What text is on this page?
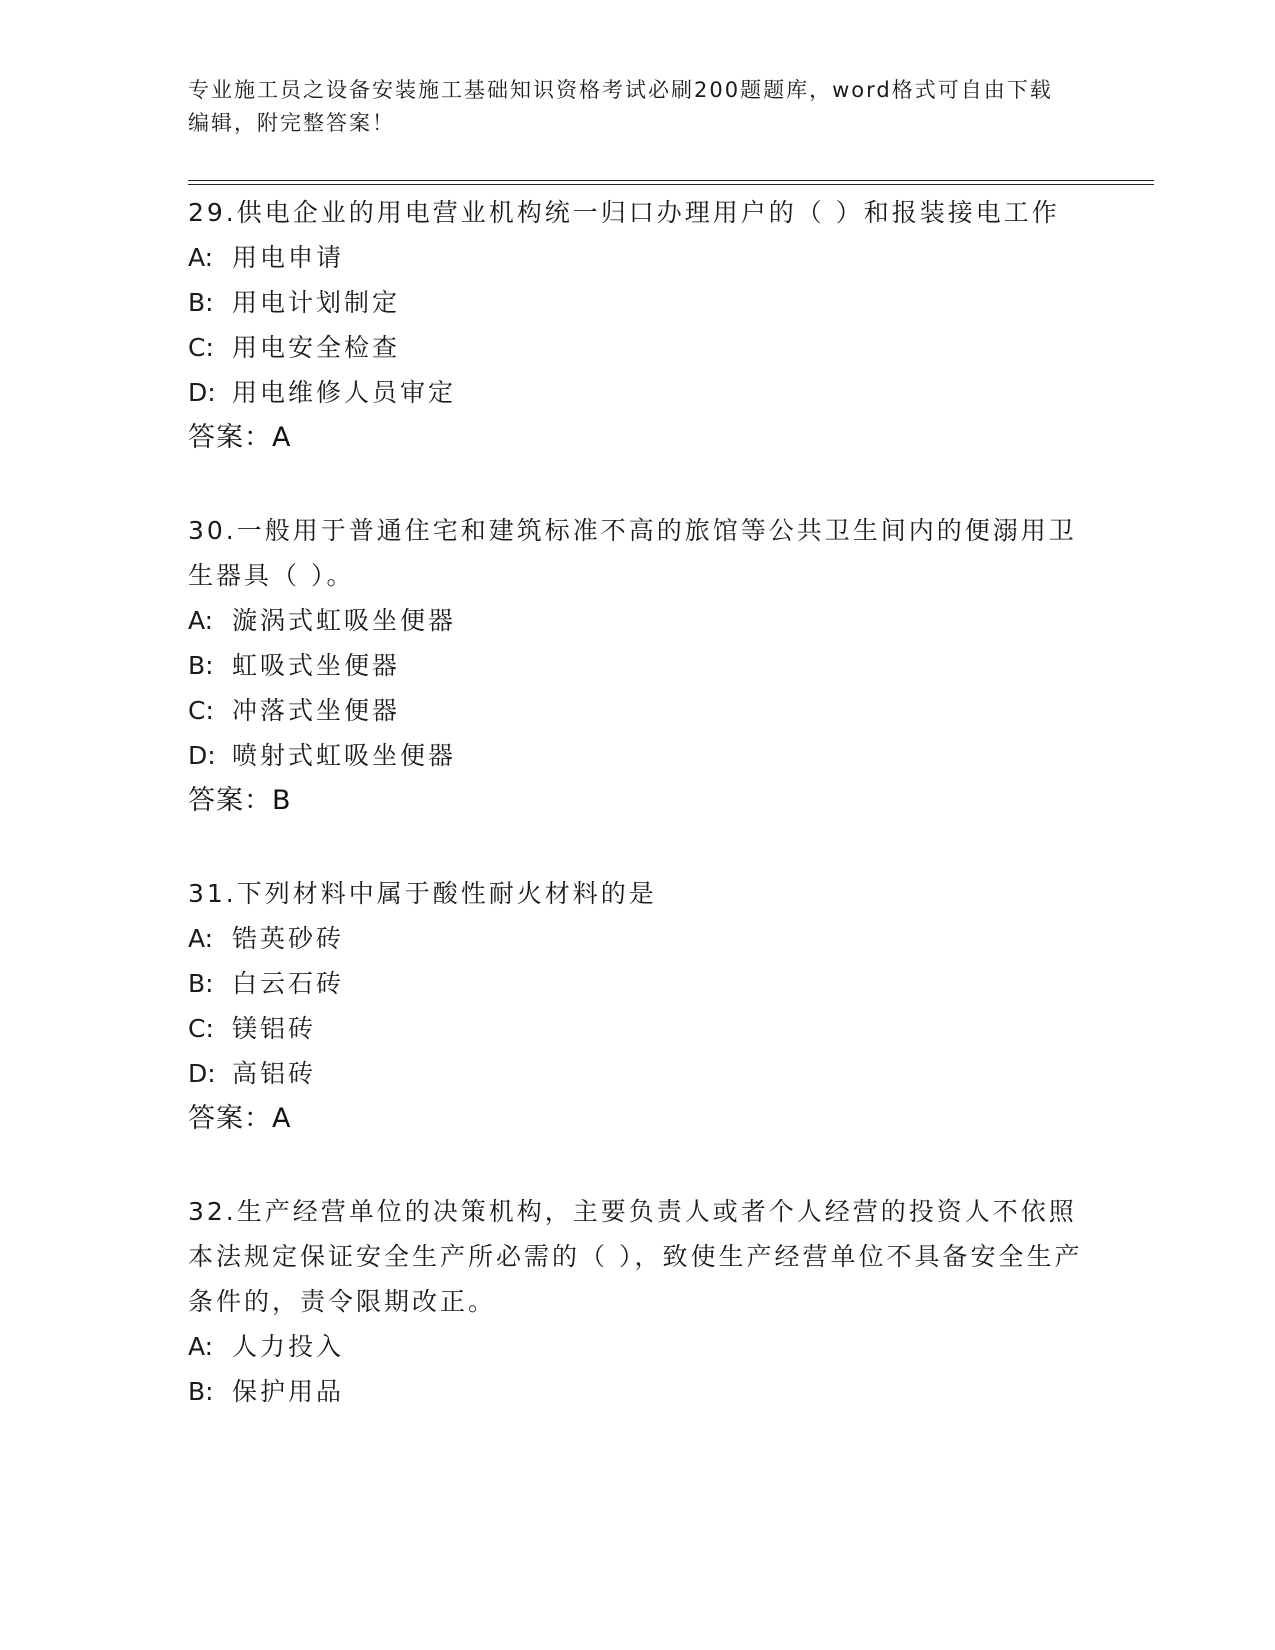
专业施工员之设备安装施工基础知识资格考试必刷200题题库，word格式可自由下载编辑，附完整答案！
29.供电企业的用电营业机构统一归口办理用户的（ ）和报装接电工作
A: 用电申请
B: 用电计划制定
C: 用电安全检查
D: 用电维修人员审定
答案：A
30.一般用于普通住宅和建筑标准不高的旅馆等公共卫生间内的便溺用卫生器具（ ）。
A: 漩涡式虹吸坐便器
B: 虹吸式坐便器
C: 冲落式坐便器
D: 喷射式虹吸坐便器
答案：B
31.下列材料中属于酸性耐火材料的是
A: 锆英砂砖
B: 白云石砖
C: 镁铝砖
D: 高铝砖
答案：A
32.生产经营单位的决策机构，主要负责人或者个人经营的投资人不依照本法规定保证安全生产所必需的（ ），致使生产经营单位不具备安全生产条件的，责令限期改正。
A: 人力投入
B: 保护用品
